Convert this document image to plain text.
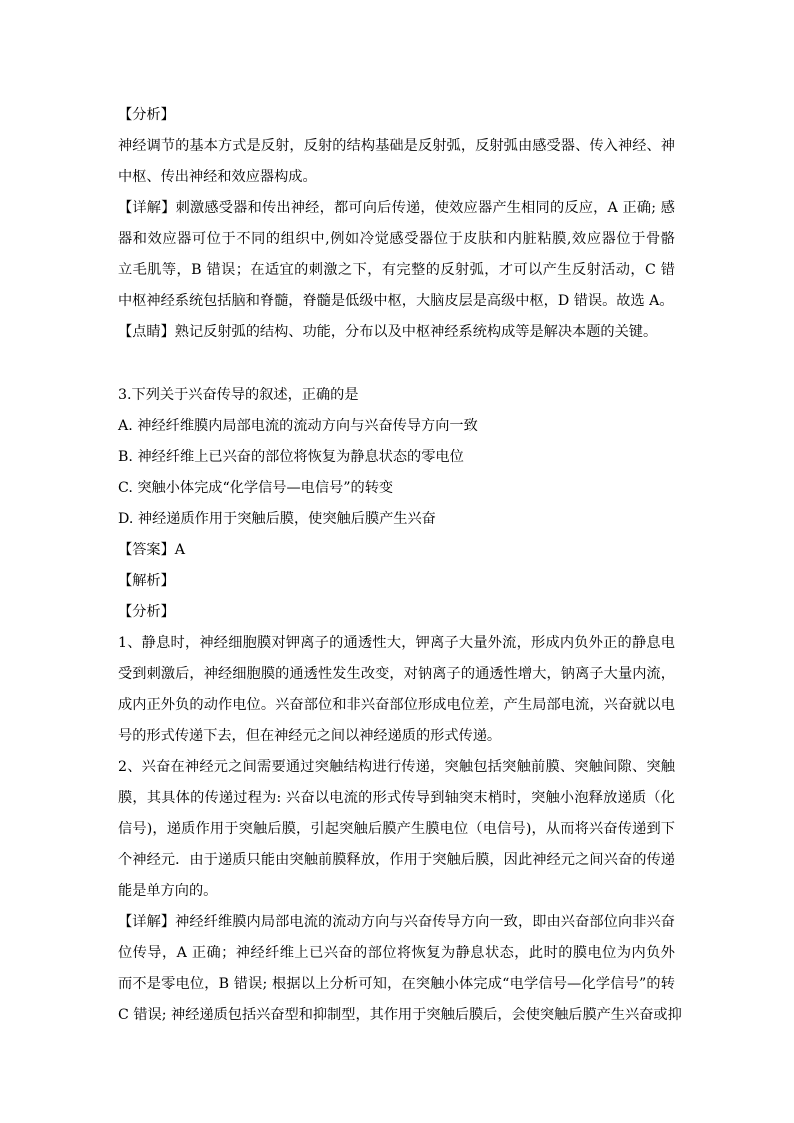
【分析】
神经调节的基本方式是反射，反射的结构基础是反射弧，反射弧由感受器、传入神经、神
中枢、传出神经和效应器构成。
【详解】刺激感受器和传出神经，都可向后传递，使效应器产生相同的反应，A 正确; 感
器和效应器可位于不同的组织中,例如冷觉感受器位于皮肤和内脏粘膜,效应器位于骨骼
立毛肌等，B 错误；在适宜的刺激之下，有完整的反射弧，才可以产生反射活动，C 错
中枢神经系统包括脑和脊髓，脊髓是低级中枢，大脑皮层是高级中枢，D 错误。故选 A。
【点睛】熟记反射弧的结构、功能，分布以及中枢神经系统构成等是解决本题的关键。
3.下列关于兴奋传导的叙述，正确的是
A. 神经纤维膜内局部电流的流动方向与兴奋传导方向一致
B. 神经纤维上已兴奋的部位将恢复为静息状态的零电位
C. 突触小体完成“化学信号—电信号”的转变
D. 神经递质作用于突触后膜，使突触后膜产生兴奋
【答案】A
【解析】
【分析】
1、静息时，神经细胞膜对钾离子的通透性大，钾离子大量外流，形成内负外正的静息电
受到刺激后，神经细胞膜的通透性发生改变，对钠离子的通透性增大，钠离子大量内流，
成内正外负的动作电位。兴奋部位和非兴奋部位形成电位差，产生局部电流，兴奋就以电
号的形式传递下去，但在神经元之间以神经递质的形式传递。
2、兴奋在神经元之间需要通过突触结构进行传递，突触包括突触前膜、突触间隙、突触
膜，其具体的传递过程为: 兴奋以电流的形式传导到轴突末梢时，突触小泡释放递质（化
信号)，递质作用于突触后膜，引起突触后膜产生膜电位（电信号)，从而将兴奋传递到下
个神经元．由于递质只能由突触前膜释放，作用于突触后膜，因此神经元之间兴奋的传递
能是单方向的。
【详解】神经纤维膜内局部电流的流动方向与兴奋传导方向一致，即由兴奋部位向非兴奋
位传导，A 正确；神经纤维上已兴奋的部位将恢复为静息状态，此时的膜电位为内负外
而不是零电位，B 错误; 根据以上分析可知，在突触小体完成“电学信号—化学信号”的转
C 错误; 神经递质包括兴奋型和抑制型，其作用于突触后膜后，会使突触后膜产生兴奋或抑
